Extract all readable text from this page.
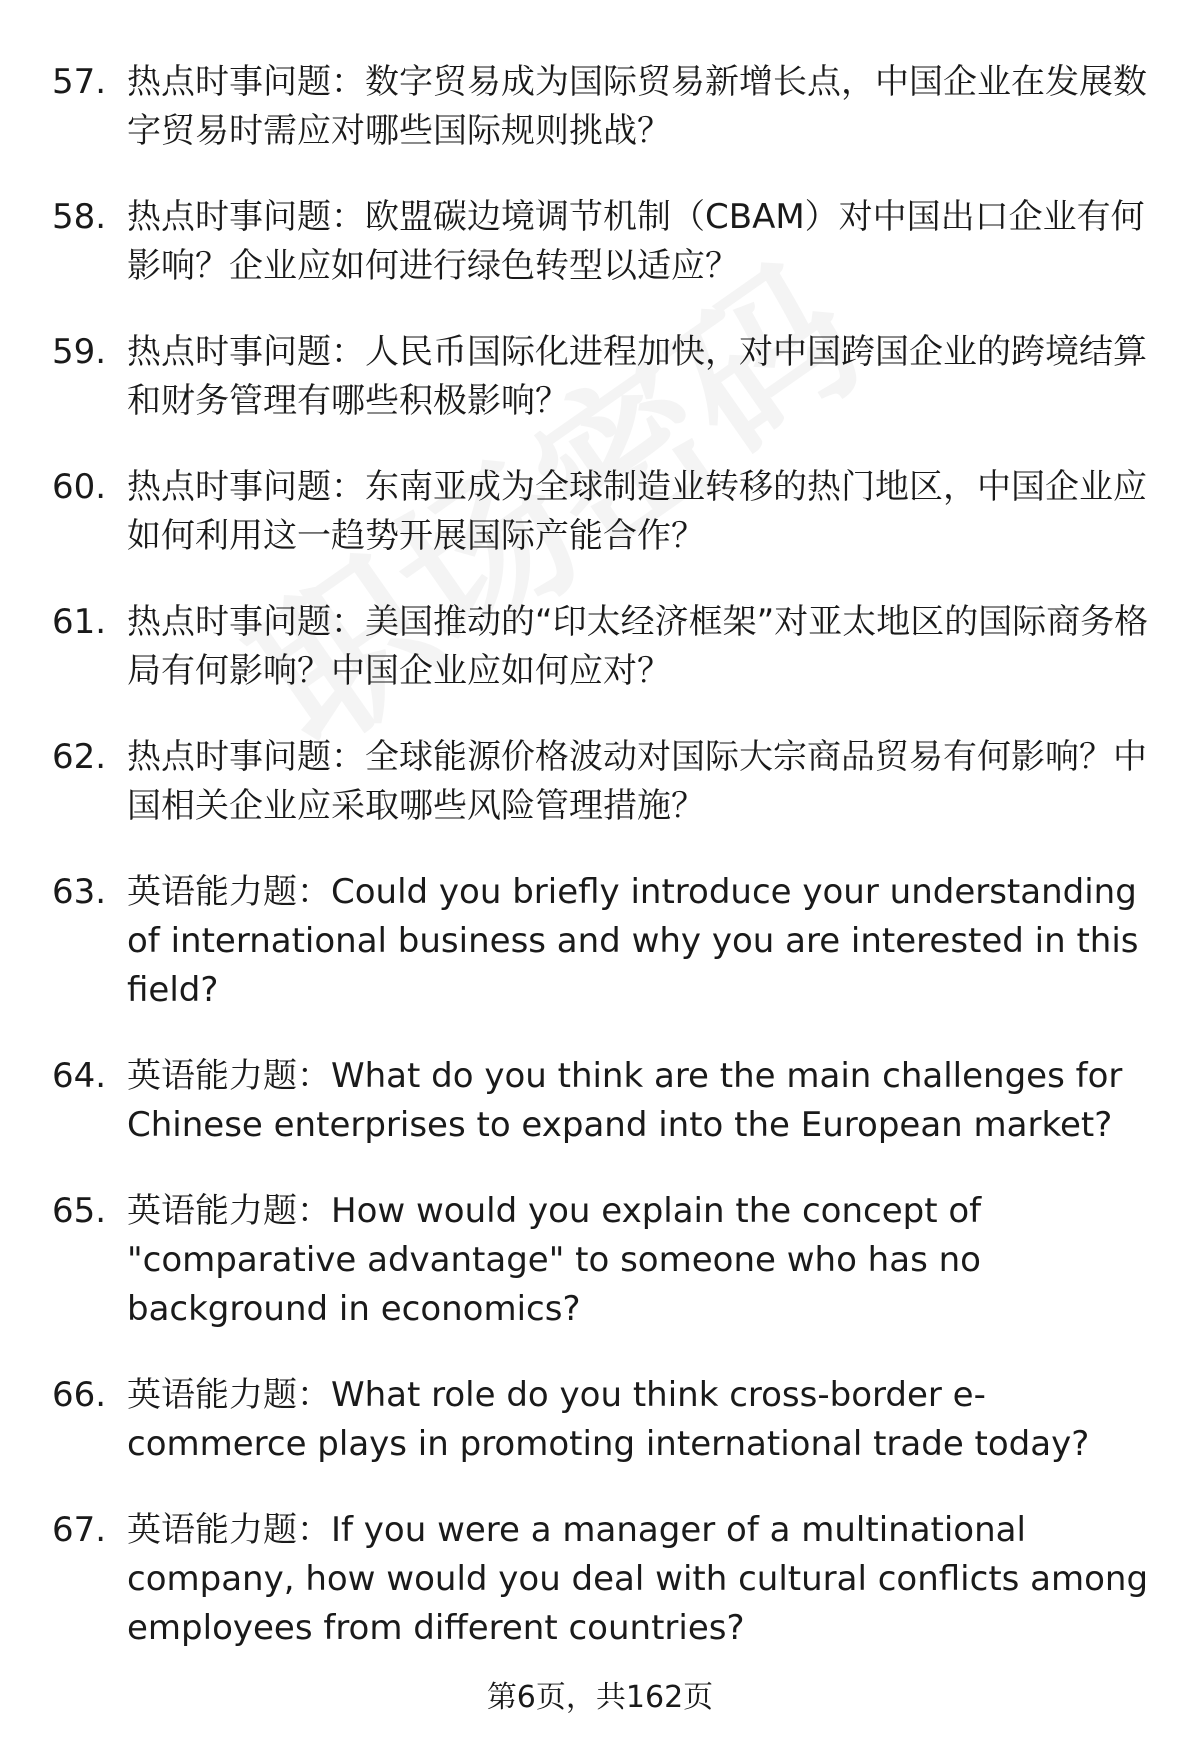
57. 热点时事问题：数字贸易成为国际贸易新增长点，中国企业在发展数字贸易时需应对哪些国际规则挑战？
58. 热点时事问题：欧盟碳边境调节机制（CBAM）对中国出口企业有何影响？企业应如何进行绿色转型以适应？
59. 热点时事问题：人民币国际化进程加快，对中国跨国企业的跨境结算和财务管理有哪些积极影响？
60. 热点时事问题：东南亚成为全球制造业转移的热门地区，中国企业应如何利用这一趋势开展国际产能合作？
61. 热点时事问题：美国推动的“印太经济框架”对亚太地区的国际商务格局有何影响？中国企业应如何应对？
62. 热点时事问题：全球能源价格波动对国际大宗商品贸易有何影响？中国相关企业应采取哪些风险管理措施？
63. 英语能力题：Could you briefly introduce your understanding of international business and why you are interested in this field?
64. 英语能力题：What do you think are the main challenges for Chinese enterprises to expand into the European market?
65. 英语能力题：How would you explain the concept of "comparative advantage" to someone who has no background in economics?
66. 英语能力题：What role do you think cross-border e-commerce plays in promoting international trade today?
67. 英语能力题：If you were a manager of a multinational company, how would you deal with cultural conflicts among employees from different countries?
第6页，共162页
